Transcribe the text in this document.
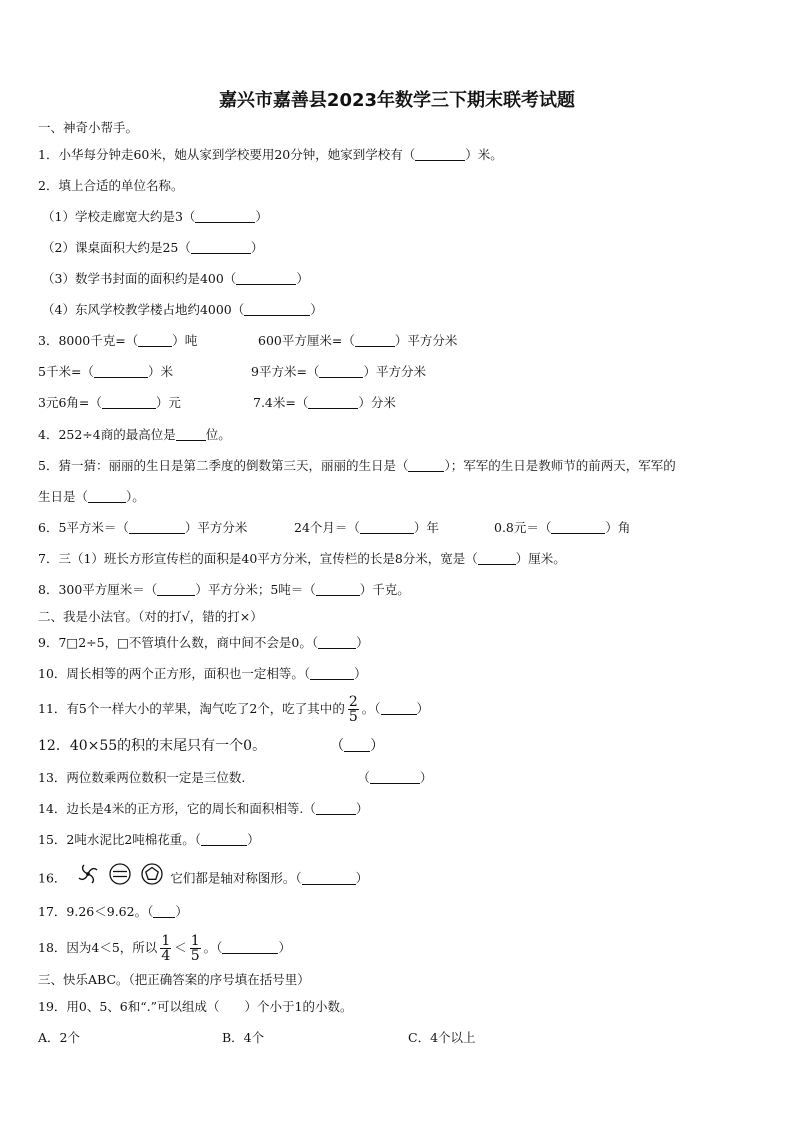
嘉兴市嘉善县2023年数学三下期末联考试题
一、神奇小帮手。
1．小华每分钟走60米，她从家到学校要用20分钟，她家到学校有（	）米。
2．填上合适的单位名称。
（1）学校走廊宽大约是3（	）
（2）课桌面积大约是25（	）
（3）数学书封面的面积约是400（	）
（4）东风学校教学楼占地约4000（	）
3．8000千克=（	）吨	600平方厘米=（	）平方分米
5千米=（	）米	9平方米=（	）平方分米
3元6角=（	）元	7.4米=（	）分米
4．252÷4商的最高位是 位。
5．猜一猜：丽丽的生日是第二季度的倒数第三天，丽丽的生日是（	）；军军的生日是教师节的前两天，军军的
生日是（	）。
6．5平方米＝（	）平方分米	24个月＝（	）年	0.8元＝（	）角
7．三（1）班长方形宣传栏的面积是40平方分米，宣传栏的长是8分米，宽是（	）厘米。
8．300平方厘米＝（	）平方分米；5吨＝（	）千克。
二、我是小法官。（对的打√，错的打×）
9．7□2÷5，□不管填什么数，商中间不会是0。（	）
10．周长相等的两个正方形，面积也一定相等。（	）
11．有5个一样大小的苹果，淘气吃了2个，吃了其中的 $\frac{2}{5}$ 。（	）
12．40×55的积的末尾只有一个0。	（ ）
13．两位数乘两位数积一定是三位数.	（	）
14．边长是4米的正方形，它的周长和面积相等.（	）
15．2吨水泥比2吨棉花重。（	）
16．	它们都是轴对称图形。（	）
17．9.26＜9.62。（ ）
18．因为4＜5，所以 $\frac{1}{4} < \frac{1}{5}$ 。（	）
三、快乐ABC。（把正确答案的序号填在括号里）
19．用0、5、6和“.”可以组成（　　）个小于1的小数。
A．2个	B．4个	C．4个以上
